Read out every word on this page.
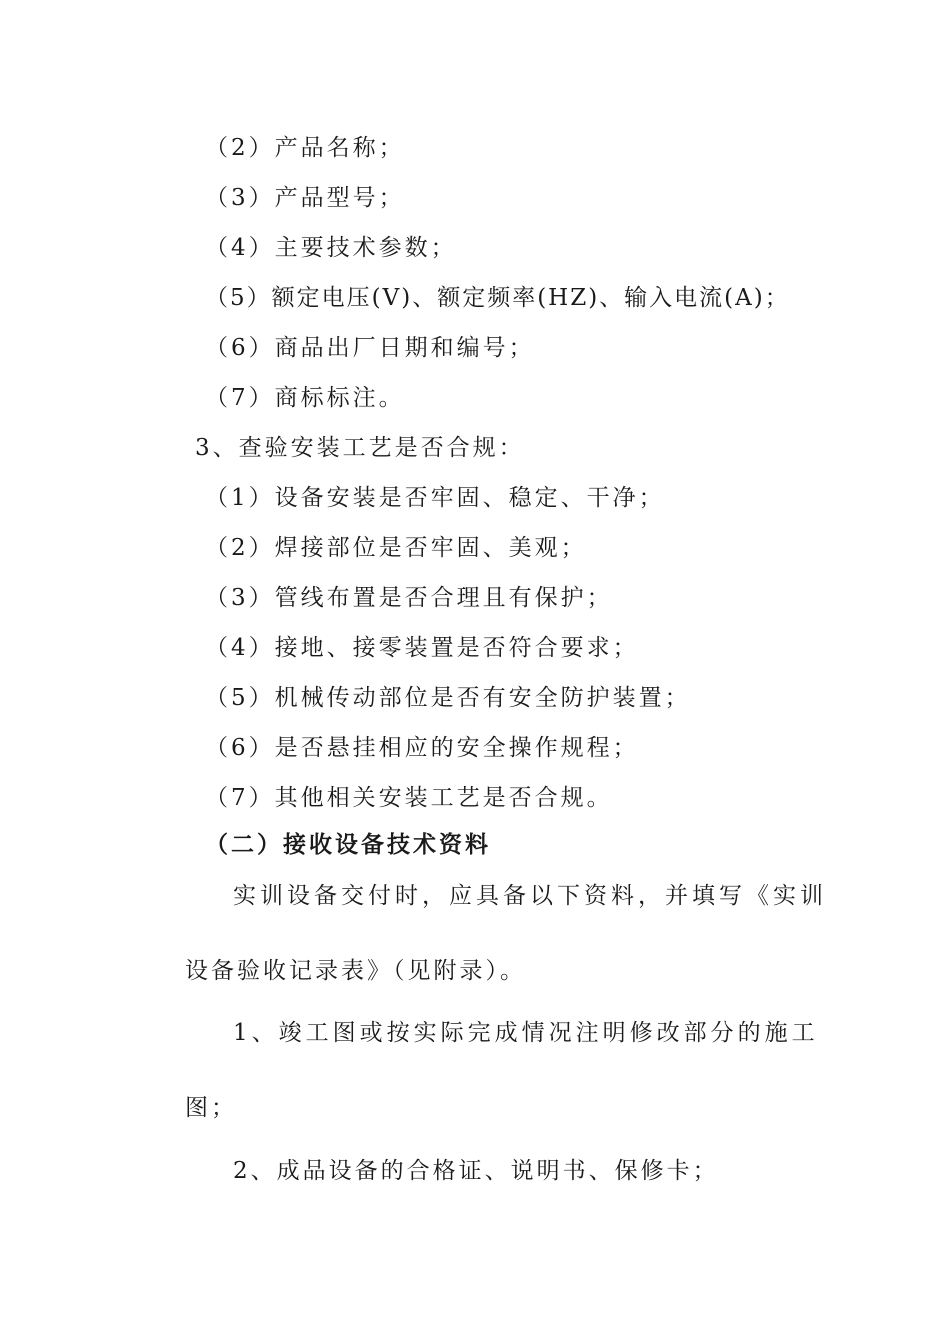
（2）产品名称；
（3）产品型号；
（4）主要技术参数；
（5）额定电压(V)、额定频率(HZ)、输入电流(A)；
（6）商品出厂日期和编号；
（7）商标标注。
3、查验安装工艺是否合规：
（1）设备安装是否牢固、稳定、干净；
（2）焊接部位是否牢固、美观；
（3）管线布置是否合理且有保护；
（4）接地、接零装置是否符合要求；
（5）机械传动部位是否有安全防护装置；
（6）是否悬挂相应的安全操作规程；
（7）其他相关安装工艺是否合规。
（二）接收设备技术资料
实训设备交付时，应具备以下资料，并填写《实训
设备验收记录表》（见附录）。
1、竣工图或按实际完成情况注明修改部分的施工
图；
2、成品设备的合格证、说明书、保修卡；
